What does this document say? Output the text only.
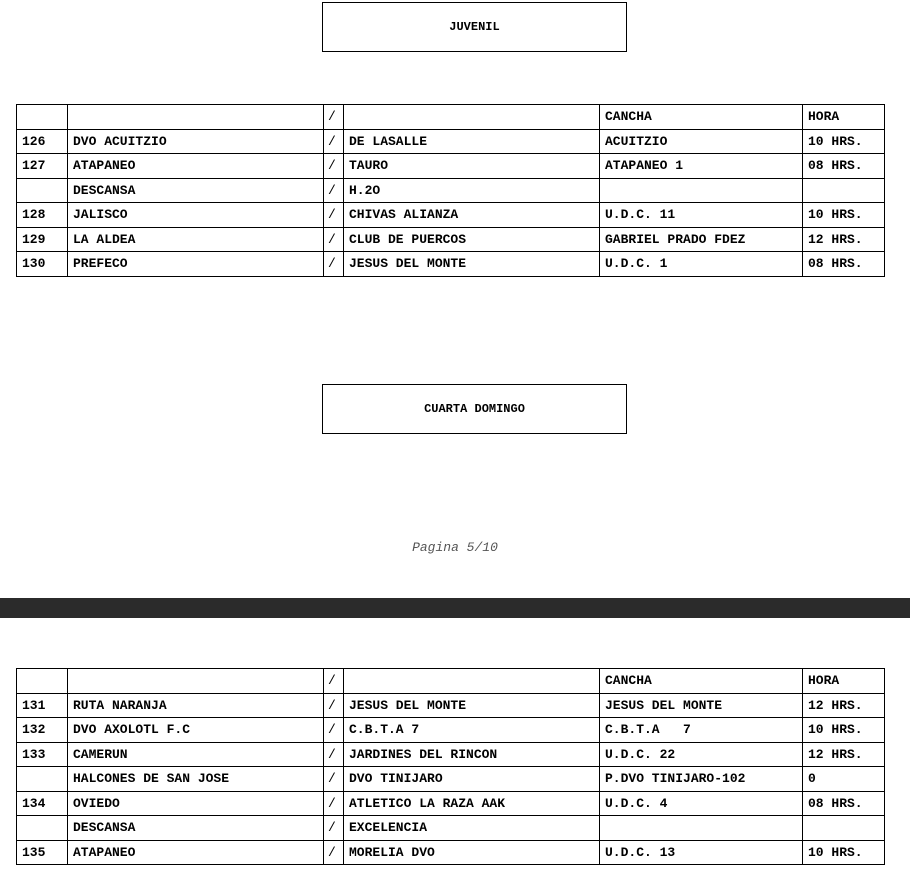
JUVENIL
		/		CANCHA	HORA
126	DVO ACUITZIO	/	DE LASALLE	ACUITZIO	10 HRS.
127	ATAPANEO	/	TAURO	ATAPANEO 1	08 HRS.
	DESCANSA	/	H.2O		
128	JALISCO	/	CHIVAS ALIANZA	U.D.C. 11	10 HRS.
129	LA ALDEA	/	CLUB DE PUERCOS	GABRIEL PRADO FDEZ	12 HRS.
130	PREFECO	/	JESUS DEL MONTE	U.D.C. 1	08 HRS.
CUARTA DOMINGO
Pagina 5/10
		/		CANCHA	HORA
131	RUTA NARANJA	/	JESUS DEL MONTE	JESUS DEL MONTE	12 HRS.
132	DVO AXOLOTL F.C	/	C.B.T.A 7	C.B.T.A   7	10 HRS.
133	CAMERUN	/	JARDINES DEL RINCON	U.D.C. 22	12 HRS.
	HALCONES DE SAN JOSE	/	DVO TINIJARO	P.DVO TINIJARO-102	0
134	OVIEDO	/	ATLETICO LA RAZA AAK	U.D.C. 4	08 HRS.
	DESCANSA	/	EXCELENCIA		
135	ATAPANEO	/	MORELIA DVO	U.D.C. 13	10 HRS.
